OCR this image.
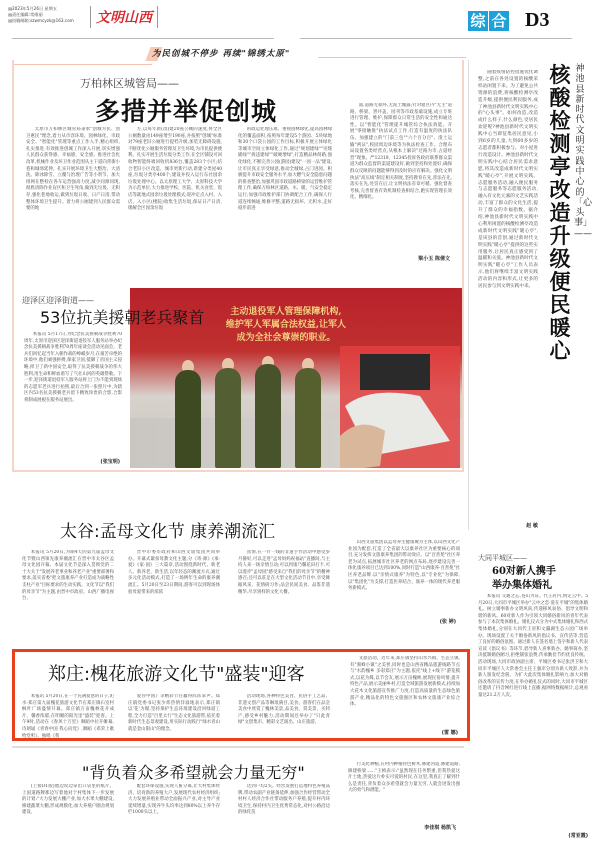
▤2023年5月26日 星期五
▤责任编辑:常维丽
▤投稿邮箱:szwmcyzk@163.com 文明山西	综 合 D3
为民创城不停步 再续"锦绣太原"
万柏林区城管局——
多措并举促创城

太原市万柏林区城管局秉承"创城为民、创卫惠民"理念,着力从市容环境、园林绿化、市政安全、"智能化"管理等重点工作入手,精心组织,扎实推进,有效推进创城工作深入开展,切实增强人民群众获得感、幸福感、安全感。推进社会化改革,机械作业及环卫作业范围从主干道向背街小巷和城郊延伸。扎实开展环境卫生大整治、大清洗、除冰除雪、立覆与治理广告等小剂节。加大排网在整栓在各车运营强高力度,减少同源同现,彻底清除作业盲区和卫生死角,做到无垃圾、无积存,强化巷地收运,做到垃圾日收、日产日清,带动整体环境卫生提升。着力将公厕建到人民群众需要的地

方,以每年新(改)建20座公厕的速度,将全区公厕数量由149座增至190座,并按照"创城"标准对79座老旧公厕进行提档升级,加装无障碍设施,不断优化公厕服务管理及卫生环境,为市民提供便利。扎实开展生活垃圾分类工作,在全区铺设可回收物智能终端回收机836台,覆盖283个小区;结合老旧小区改造、城市更新行动,新建分类屋40座,垃圾分类亭400个;建设并投入运行东社园余垃圾处理中心。以太原理工大学、太原科技大学为示范单位,大力推进学校、医院、机关食堂、饭店等就地式园余垃圾处理模式;迎冲定点入村、入店、入小区(楼院)收集生活垃圾,保证日产日清,缓解全区园余垃圾

的政运处理压难。重视园林绿化,提高园林绿化的覆盖面积,按照每年建设5个游园、5块绿地和30个口袋公园的工作目标,积极开展立体绿化等城市空间立体绿化工作,通过"规划建绿""见缝插绿""拆违建绿""破硬增绿",打造精品林荫路,强化绿化,不断完善公园(游园)建设"一园一品"建设,让市民真正享受绿意,推动全城绿,占门进园。积极提升市政安全服务水平,加大燃气安全隐患问题的排查整治,加强巩固市政道路桥梁的运营维护管理工作,确保万柏林区道路、水、暖、气安全稳定运行;加强市政维护部门协调配合工作,确保人行道连续畅通,维修平整,道路无损坏、无积水,走好稳步前进

面,道路无损坏,无泥土覆露;针对辖区内"无主"道路、桥梁、窨井盖、园刊等市政基础设施,成立专班进行管理、维护,保障群众日常生活的安全性和通达性。以"智能化"管理提升城管综合执法效能。开展"零接触推"执法试点工作,打造有温度的执法队伍。加强建立的"门前三包""六个百分百"、渣土运输"两证",校园周边环境等为执法检查工作。合理布局设置各类经营点,从根本上解决"过路为市,占道经营"现象。严12319、12345投诉各政府联系群众渠道为群众监督的渠道建设好,做到坚持和处置好,确保群众反映的问题能够得到及时的应有解决。强化文明执法"高压线"制定相关制度,坚持教育在先,普法在先,落实在先,处罚在后,让文明执法有章可循。强化督查考核,完善督查有效机制检查相结合,跑实现管理长效化、精细化。

梁小玉 陈倩文
迎泽区迎泽街道——
53位抗美援朝老兵聚首

本报讯 5月17日,为纪念抗美援朝战争胜利70周年,太原市迎泽区迎泽街道退役军人服务站举办纪念抗美援朝战争胜利70周年座谈会活动见面会。老兵们回忆起当年入朝作战的峥嵘岁月,在艰苦卓绝的环境中,他们顽强拼搏,保家卫国,抵御了帝国主义侵略,捍卫了新中国安全,取得了抗美援朝战争的伟大胜利,用生命和鲜血谱写了气壮山河的英雄赞歌。下一步,迎泽街道退役军人服务站将上门为不能到现场的志愿军老兵进行拍照,最后合到一张照片中,为辖区内53名抗美援朝老兵留下精致珍贵的合影,合影将制成展板在服务站展出。

(张宝明)
主动退役军人管理保障机构,
维护军人军属合法权益,让军人
成为全社会尊崇的职业。

随着疫情防控措施优化调整,之前在各处设置的核酸采样站闲置下来。为了避免公共资源的浪费,将核酸检测亭改造升级,提供便民利民服务,成了神池县新时代文明实践中心的"心头事"。如何改造,改造成什么样子,什么颜色,受居民欢迎呢?神池县新时代文明实践中心当即征集居民意见,小到6岁的儿童,大到60多岁的志愿者都积极参与。对小屋进行改造设计。神池县新时代文明实践中心结合居民需求意愿,将其改造成新时代文明实践"暖心亭",开展文明实践、志愿服务活动,融入便民服务与志愿服务等志愿服务活动,融入有文化元素的文艺实践活动,丰富了群众的文化生活,提升了群众的幸福指数。据介绍,神池县新时代文明实践中心利用闲置的核酸检测亭改造成新时代文明实践"暖心亭",是该县的首创,通过新时代文明实践"暖心亭"提供的这些实用服务,让居民真正感受到了温暖和关爱。神池县新时代文明实践"暖心亭"工作人员表示,他们将继续丰富文明实践活动的内容和形式,让更多的居民参与到文明实践中来。

赵 敏
核酸检测亭改造升级便民暖心
神池县新时代文明实践中心的「心头事」——
太谷:孟母文化节 康养潮流汇

本报讯 5月20日,为期4天的第九届孟母文化节暨山西领先康养潮流汇在晋中市太谷区孟母文化园开幕。本届文化节是深入贯彻党的二十大关于"发展养老事业和养老产业"重要部署和要求,落实省委"把文旅康养产业打造成为战略性支柱产业"目标要求的生动实践。文化节以"我们的母亲节"为主题,由晋中市政府、山西广播电视台、

晋中市委市政府和山西文旅集团共同举办。开幕式紧扣母教文化主题,分《寄·源》《承·爱》《家·国》三大篇章,活动围绕新时代、新老人、新养老、新生活,以年轻态的潮流方式,通过多元化活动模式,打造了一场例年生命的康养潮流汇。5月20日至23日期间,游客可以到现场体验母爱带来的浓浓

真情,在一针一线的非遗手作活动中感受岁月静好,可以走进"孟母妈妈祝福站"直播间,与主持人来一场亲情互动;可以到康乃馨花田打卡,可以漫步"孟母园"感受来自"我们的母亲节"的精神感召;还可以驻足在大型文化活动节目中,享受舞蹈风采、花情研习作;品尝民间美食、品鉴非遗精华,尽享别样的文化大餐。

山西文旅集团以孟母养生健康城为主体,以山西文化产业园为配套,打造了全省最大以康养社区为重要核心的项目,充分发挥文旅康养集团的带动效应。以"百善苑"社区养老为试点,拓展城市社区养老的网点布局,逐步建设完善一体化康养项目已达到100%,同时打造"山西康养·百善苑"社区养老品牌,以"亲情式康养"为特色,以"专业化"为保障,以"集团化"为支撑,打造医养结合、康养一体的现代养老服务新模式。

(张 婷)
郑庄:槐花旅游文化节"盛装"迎客

本报讯 5月20日,在一个充满爱意的日子,沁水·郑庄第九届槐花旅游文化节在郑庄镇石室村枫叶广场盛情开幕。郑庄镇万亩槐林花开成片、馨香浓郁,在明媚的阳光里"盛装"迎客。上午9时,活动在《春风十万里》舞蹈中拉开帷幕,诗朗诵《青春中国 我心向党》,舞蹈《邓荣上歌给党听》、独唱《我

爱你中国》等精彩节目赢得阵阵掌声。郑庄镇党委书记张少炜热情洋溢地表示,郑庄镇以'花'为媒,坚持保护生态环境建设沿河绿道工程,全力打造"百里太行"生态文化旅游带,依托着新时代生态景观建设,用实际行动践行"绿水青山就是金山银山"的理念。

活动现场,各种特色美食、民俗手工艺品、非遗文创产品等琳琅满目,美食、游客们在品尝美食中欣赏了槐林美景,品美食、赏美景、买特产,感受乡村魅力,活动期间还举办了"只此青绿"文创集市、精彩文艺演出、山庄旅游。

文旅活动。近年来,郑庄镇坚持山水兴镇、生态立镇,有"蜜蜂小镇"之美誉,同时也是山西省精品旅游线路节点与"水韵槐乡 多彩郑庄"为主题,依托"线上+线下"游览模式,以花为媒,以节会友,展示万亩槐林,展现民俗风情,提升特色产品,展示美丽乡村,打造全域旅游发展新模式,持续加大花木文化旅游宣传推广力度,打造高质量的生态绿色旅游产业,精品化的特色文旅强区和农林文旅康产业综合体。

(雷 娜)
大同平城区——
60对新人携手
举办集体婚礼

本报讯 交通之忘,苍山为证。代王府内,情定云中。5月20日,大同市平城区举办"云中之恋·爱在平城"的集体婚礼。树立婚事新办文明风尚,传递移风易俗、倡导文明和谐的新风。60对新人作为引领大同婚俗新风的青年代表参与了本次集体婚礼。婚礼仪式分为中式集体婚礼和西式集体婚礼,分别在大同代王府和文瀛湖生态公园广场举办。现场设置了关于婚俗新风的倡议书、宣传活等,营造了良好的婚俗氛围。通过新人在签名墙上签字和新人代表宣读《倡议书》等环节,倡导新人喜事新办、婚事简办,坚决抵制婚俗陋习,拒绝铺张浪费,传承勤俭节约优良传统。活动现场,大同市政协副主席、平城区委书记张洪卫和大同市平城区人大常委会主任王强庠分别为新人致辞,并为新人颁发纪念册。为扩大此次集体婚礼影响力,加大对婚俗改革的宣传力度,在举办婚礼仪式的同时,大同市平城区还邀请了抖音网红进行线上直播,据网络数据统计,总观看量达21.2万人次。

(常亚霞)
"背负着众多希望就会力量无穷"

(上接D1版)他边说边拿出口袋里的纸片。上国道路牌那边写着他对于村集体下一步发展的计划:"大力发展大棚产业,加大水果大棚建设,修建蔬菜大棚,形成规模化;加大养殖户圈舍规划建设,

配套环保设施,实现人畜分离,让大村集体经济、培育新的养殖大户,发展现代农村经济组织;大力发展养殖业带动全面振兴产业,对主导产业延续增量,实现养牛头均率达到80%以上养牛存栏1000头以上。

达到户均2头。经营发展打造地特色养殖品牌,带动农副产业链条延伸,加强合作经营带动全村村人经济合作社带动服务户养殖,提升村内环境卫生,保持村内卫生优秀常态化,对村公路沿边的绿化苗

行美化种植,在村内种植特色树木,修建河道,修建道路,修建桥梁……"王桢表示:"虽然现在任务繁重,但我热爱这片土地,热爱这片朴实可爱的村民,在这里,我真正了解到什么是责任,背负着众多希望就会力量无穷,人就会迸发出强大的勇气和潜能。"

李佳琪 杨凯飞
